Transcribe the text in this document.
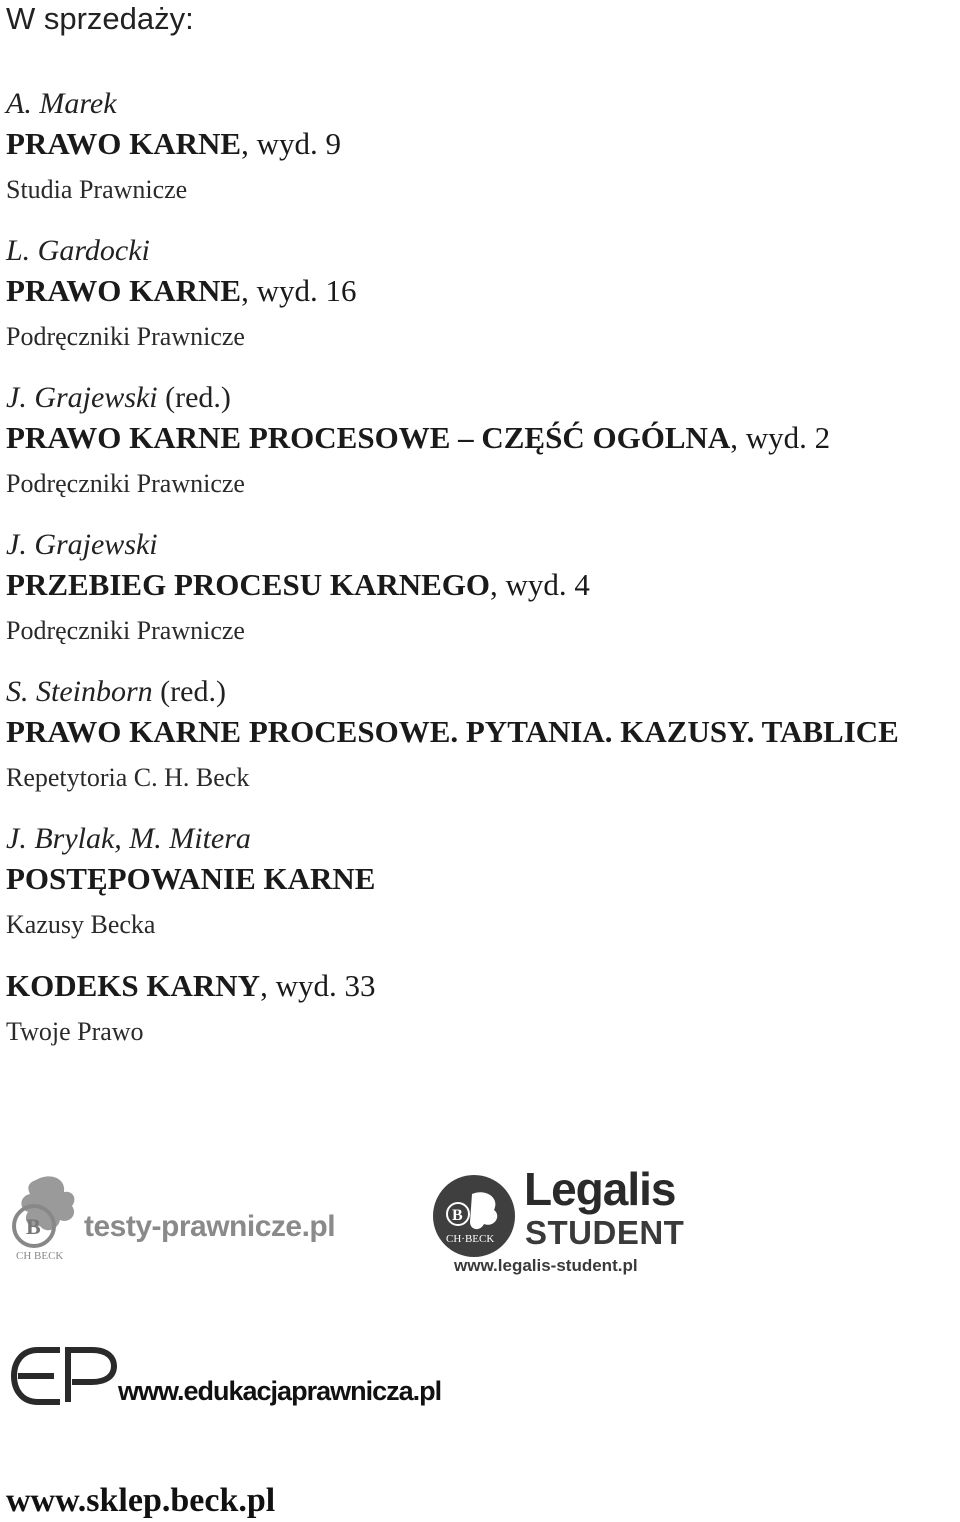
W sprzedaży:
A. Marek
PRAWO KARNE, wyd. 9
Studia Prawnicze
L. Gardocki
PRAWO KARNE, wyd. 16
Podręczniki Prawnicze
J. Grajewski (red.)
PRAWO KARNE PROCESOWE – CZĘŚĆ OGÓLNA, wyd. 2
Podręczniki Prawnicze
J. Grajewski
PRZEBIEG PROCESU KARNEGO, wyd. 4
Podręczniki Prawnicze
S. Steinborn (red.)
PRAWO KARNE PROCESOWE. PYTANIA. KAZUSY. TABLICE
Repetytoria C. H. Beck
J. Brylak, M. Mitera
POSTĘPOWANIE KARNE
Kazusy Becka
KODEKS KARNY, wyd. 33
Twoje Prawo
B testy-prawnicze.pl
CH BECK
B
CH·BECK
Legalis
STUDENT
www.legalis-student.pl
www.edukacjaprawnicza.pl
www.sklep.beck.pl
